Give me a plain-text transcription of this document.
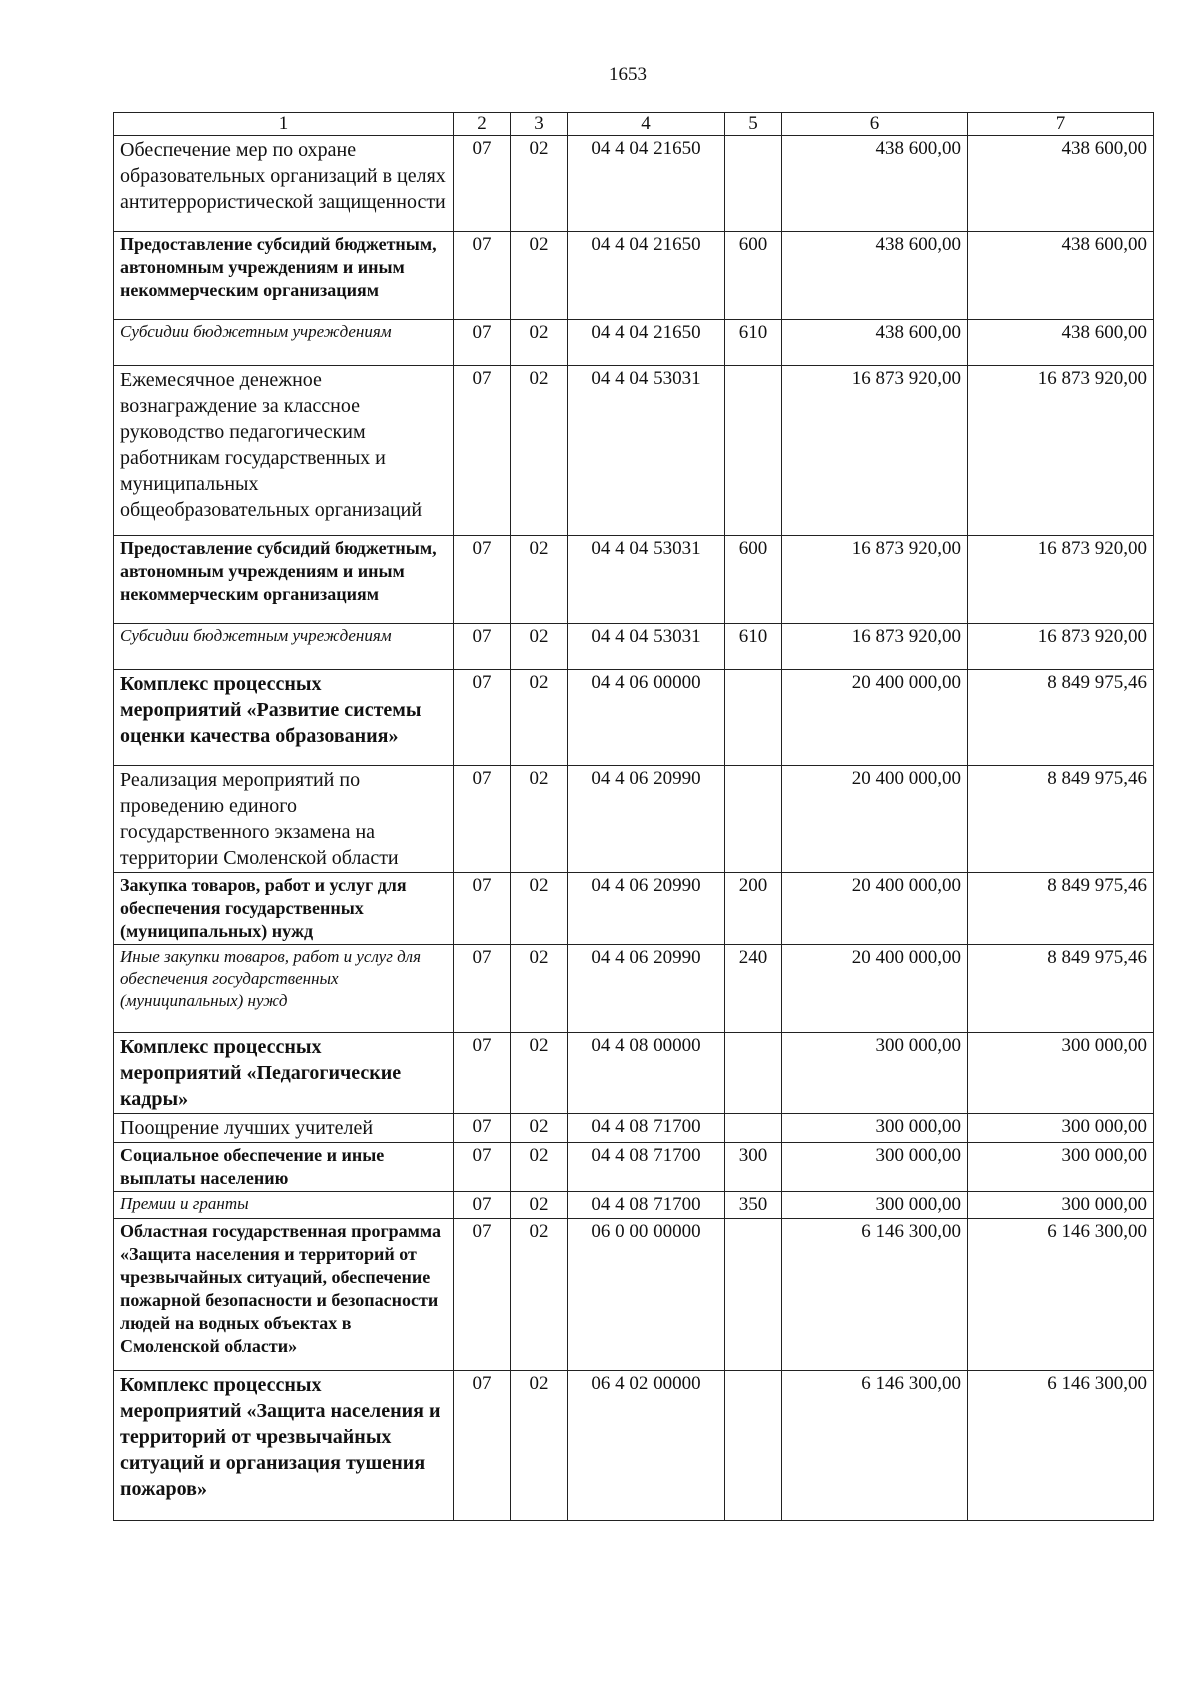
1653
1	2	3	4	5	6	7
Обеспечение мер по охране образовательных организаций в целях антитеррористической защищенности	07	02	04 4 04 21650		438 600,00	438 600,00
Предоставление субсидий бюджетным, автономным учреждениям и иным некоммерческим организациям	07	02	04 4 04 21650	600	438 600,00	438 600,00
Субсидии бюджетным учреждениям	07	02	04 4 04 21650	610	438 600,00	438 600,00
Ежемесячное денежное вознаграждение за классное руководство педагогическим работникам государственных и муниципальных общеобразовательных организаций	07	02	04 4 04 53031		16 873 920,00	16 873 920,00
Предоставление субсидий бюджетным, автономным учреждениям и иным некоммерческим организациям	07	02	04 4 04 53031	600	16 873 920,00	16 873 920,00
Субсидии бюджетным учреждениям	07	02	04 4 04 53031	610	16 873 920,00	16 873 920,00
Комплекс процессных мероприятий «Развитие системы оценки качества образования»	07	02	04 4 06 00000		20 400 000,00	8 849 975,46
Реализация мероприятий по проведению единого государственного экзамена на территории Смоленской области	07	02	04 4 06 20990		20 400 000,00	8 849 975,46
Закупка товаров, работ и услуг для обеспечения государственных (муниципальных) нужд	07	02	04 4 06 20990	200	20 400 000,00	8 849 975,46
Иные закупки товаров, работ и услуг для обеспечения государственных (муниципальных) нужд	07	02	04 4 06 20990	240	20 400 000,00	8 849 975,46
Комплекс процессных мероприятий «Педагогические кадры»	07	02	04 4 08 00000		300 000,00	300 000,00
Поощрение лучших учителей	07	02	04 4 08 71700		300 000,00	300 000,00
Социальное обеспечение и иные выплаты населению	07	02	04 4 08 71700	300	300 000,00	300 000,00
Премии и гранты	07	02	04 4 08 71700	350	300 000,00	300 000,00
Областная государственная программа «Защита населения и территорий от чрезвычайных ситуаций, обеспечение пожарной безопасности и безопасности людей на водных объектах в Смоленской области»	07	02	06 0 00 00000		6 146 300,00	6 146 300,00
Комплекс процессных мероприятий «Защита населения и территорий от чрезвычайных ситуаций и организация тушения пожаров»	07	02	06 4 02 00000		6 146 300,00	6 146 300,00
